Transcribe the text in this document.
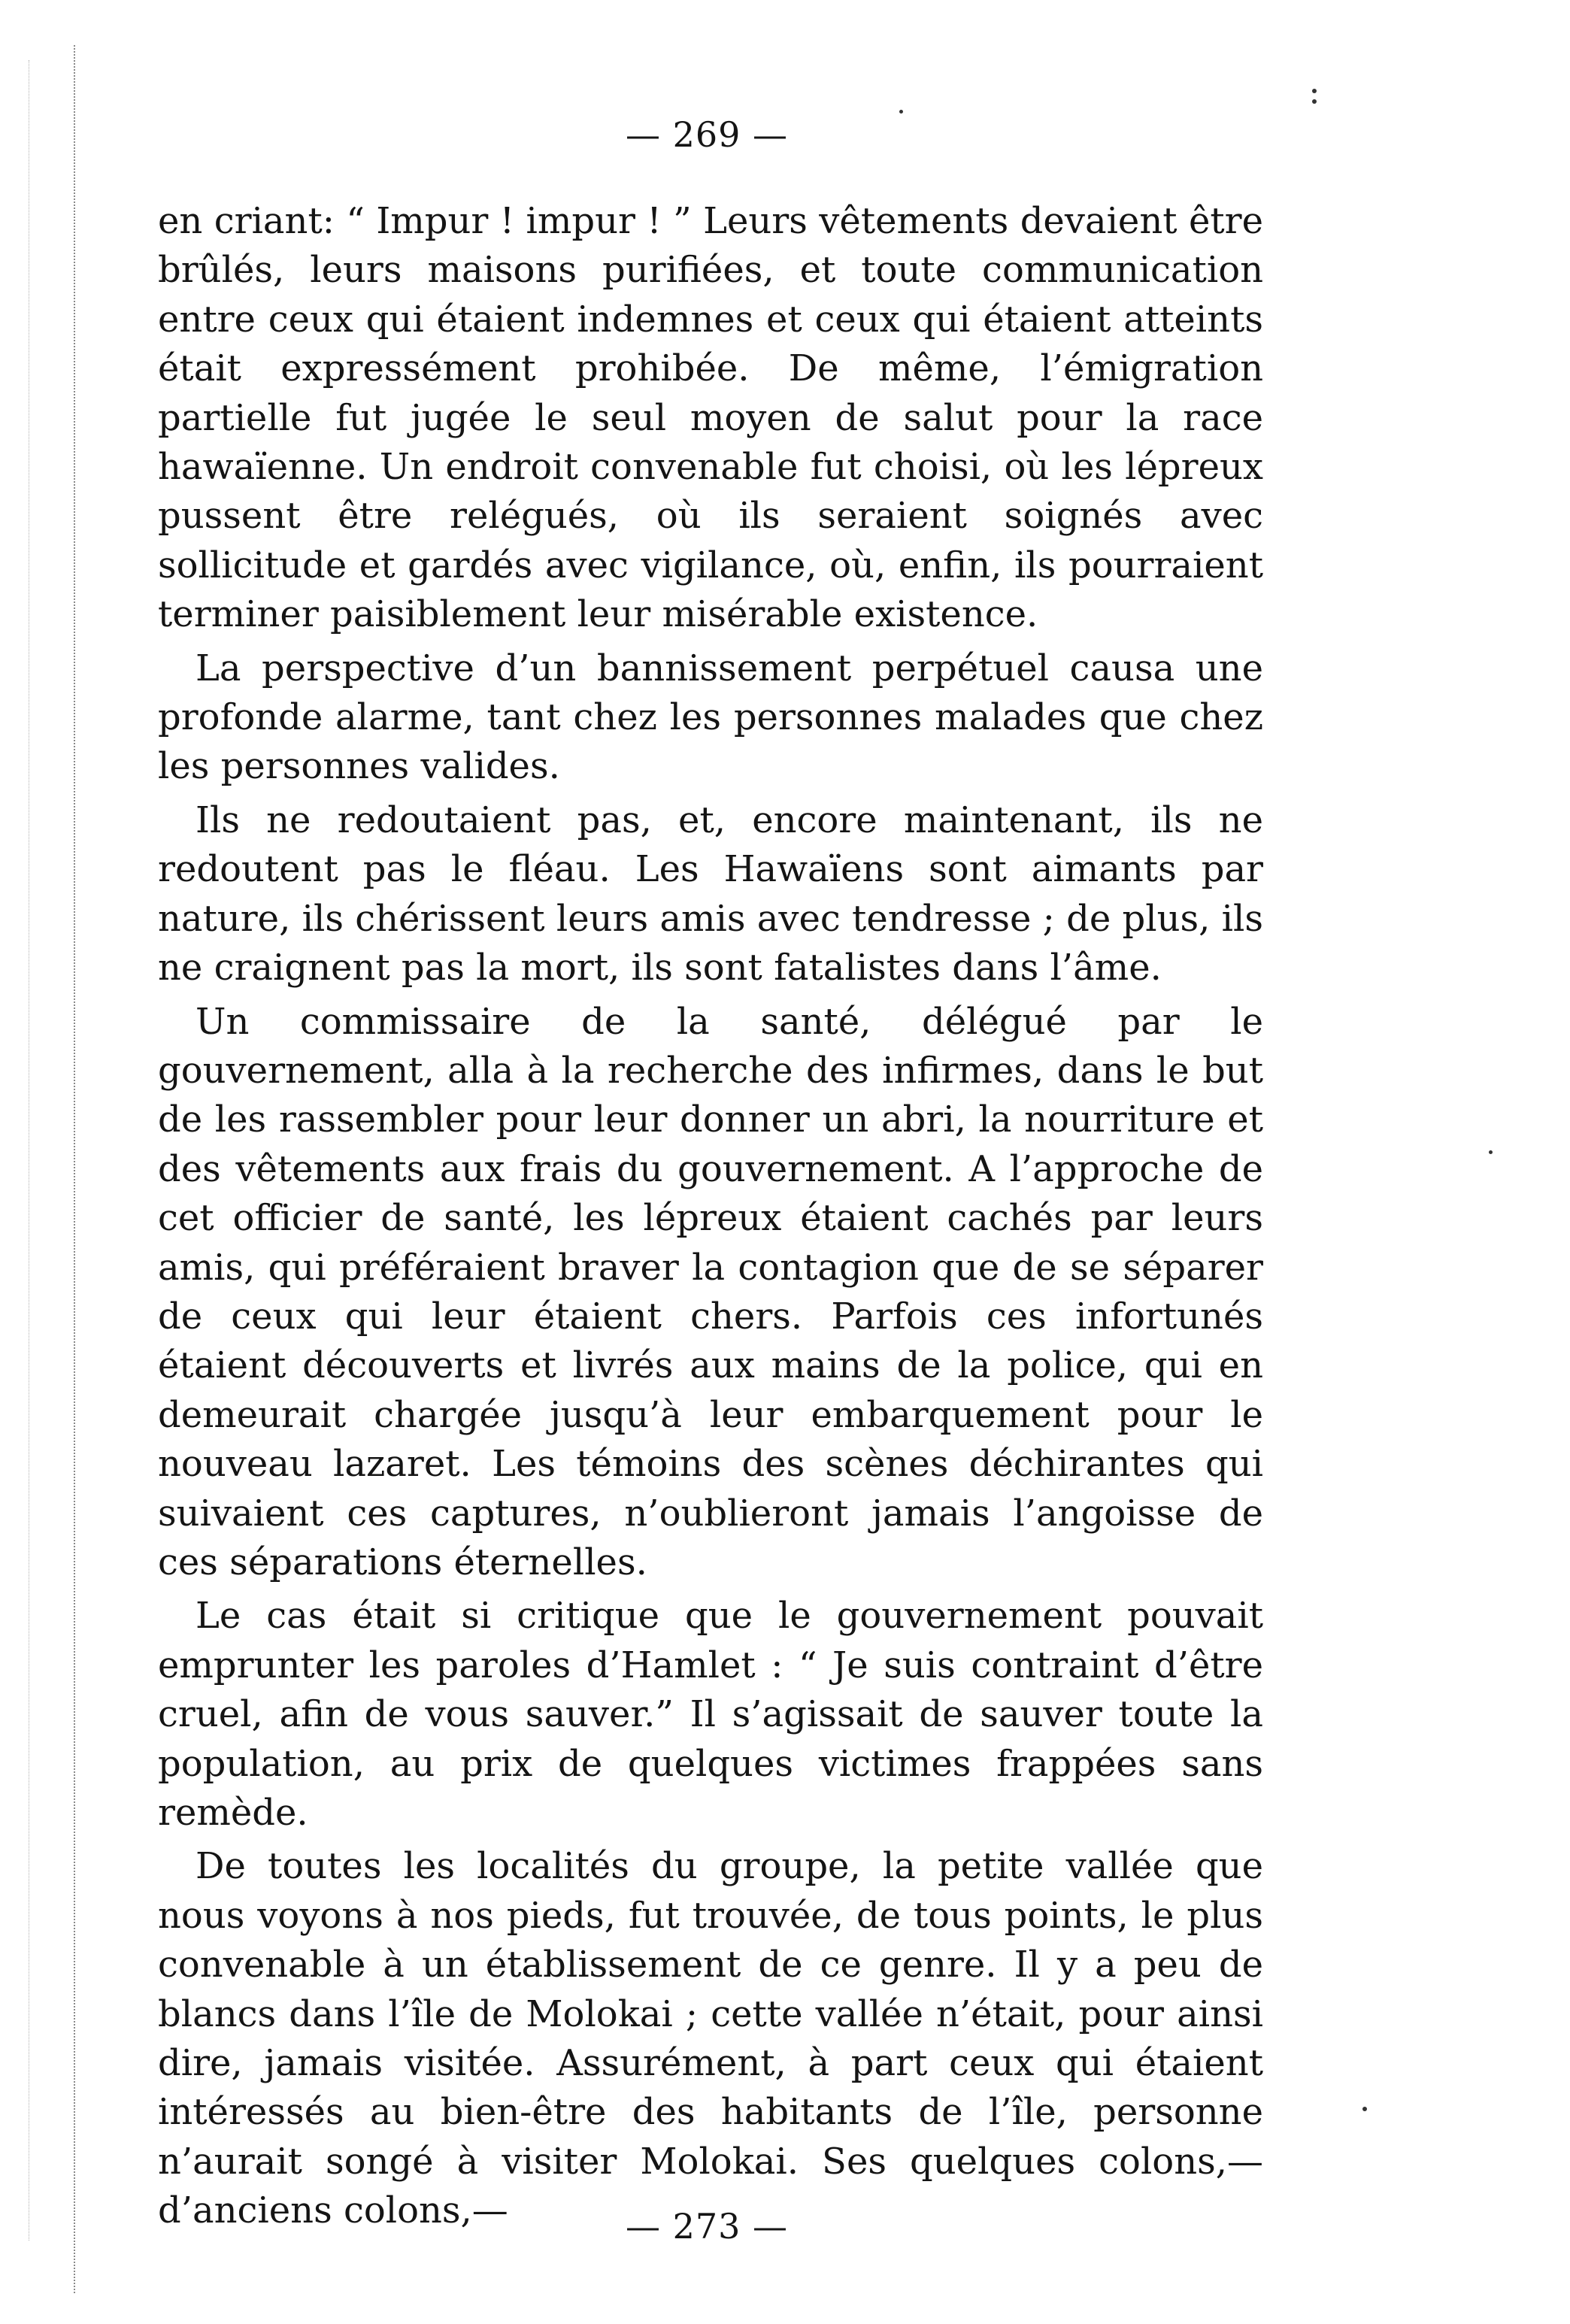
— 269 —

en criant: “ Impur ! impur ! ” Leurs vêtements devaient être brûlés, leurs maisons purifiées, et toute communication entre ceux qui étaient indemnes et ceux qui étaient atteints était expressément prohibée. De même, l’émigration partielle fut jugée le seul moyen de salut pour la race hawaïenne. Un endroit convenable fut choisi, où les lépreux pussent être relégués, où ils seraient soignés avec sollicitude et gardés avec vigilance, où, enfin, ils pourraient terminer paisiblement leur misérable existence.

La perspective d’un bannissement perpétuel causa une profonde alarme, tant chez les personnes malades que chez les personnes valides.

Ils ne redoutaient pas, et, encore maintenant, ils ne redoutent pas le fléau. Les Hawaïens sont aimants par nature, ils chérissent leurs amis avec tendresse ; de plus, ils ne craignent pas la mort, ils sont fatalistes dans l’âme.

Un commissaire de la santé, délégué par le gouvernement, alla à la recherche des infirmes, dans le but de les rassembler pour leur donner un abri, la nourriture et des vêtements aux frais du gouvernement. A l’approche de cet officier de santé, les lépreux étaient cachés par leurs amis, qui préféraient braver la contagion que de se séparer de ceux qui leur étaient chers. Parfois ces infortunés étaient découverts et livrés aux mains de la police, qui en demeurait chargée jusqu’à leur embarquement pour le nouveau lazaret. Les témoins des scènes déchirantes qui suivaient ces captures, n’oublieront jamais l’angoisse de ces séparations éternelles.

Le cas était si critique que le gouvernement pouvait emprunter les paroles d’Hamlet : “ Je suis contraint d’être cruel, afin de vous sauver.” Il s’agissait de sauver toute la population, au prix de quelques victimes frappées sans remède.

De toutes les localités du groupe, la petite vallée que nous voyons à nos pieds, fut trouvée, de tous points, le plus convenable à un établissement de ce genre. Il y a peu de blancs dans l’île de Molokai ; cette vallée n’était, pour ainsi dire, jamais visitée. Assurément, à part ceux qui étaient intéressés au bien-être des habitants de l’île, personne n’aurait songé à visiter Molokai. Ses quelques colons,—d’anciens colons,—	— 273 —
